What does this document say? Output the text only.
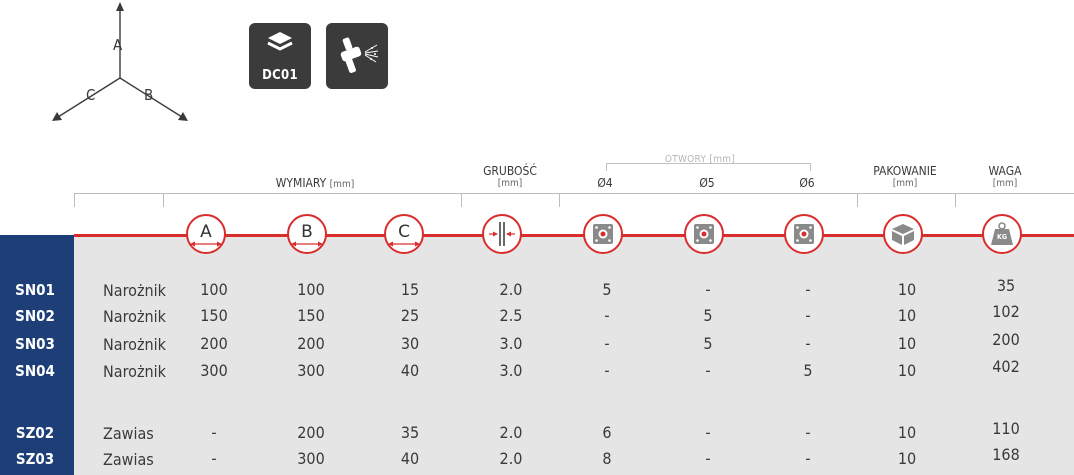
A
C	B
DC01
WYMIARY [mm]
GRUBOŚĆ
[mm]
OTWORY [mm]
Ø4	Ø5	Ø6
PAKOWANIE
[mm]
WAGA
[mm]
A	B	C	KG
SN01	Narożnik	100	100	15	2.0	5	-	-	10	35
SN02	Narożnik	150	150	25	2.5	-	5	-	10	102
SN03	Narożnik	200	200	30	3.0	-	5	-	10	200
SN04	Narożnik	300	300	40	3.0	-	-	5	10	402
SZ02	Zawias	-	200	35	2.0	6	-	-	10	110
SZ03	Zawias	-	300	40	2.0	8	-	-	10	168
